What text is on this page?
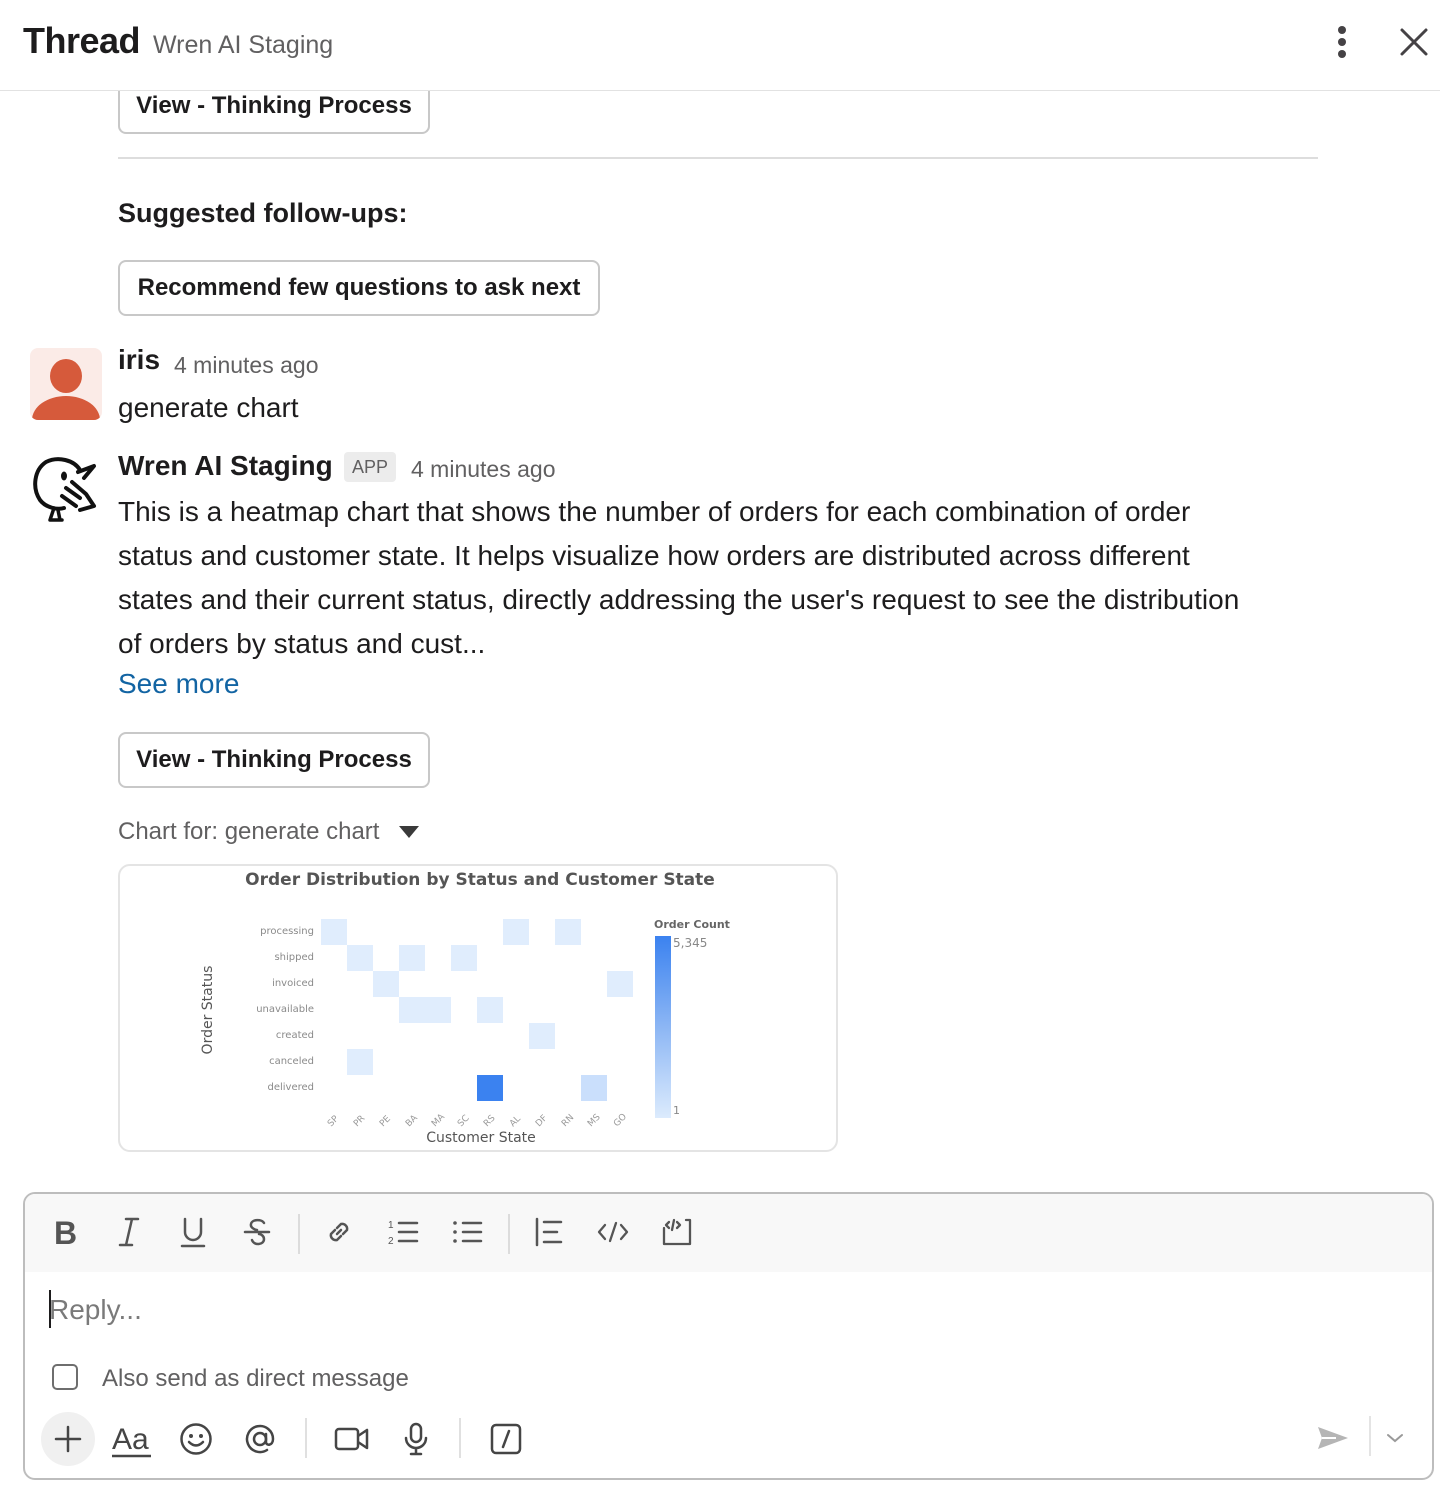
Thread Wren AI Staging
View - Thinking Process
Suggested follow-ups:
Recommend few questions to ask next
iris 4 minutes ago
generate chart
Wren AI Staging	APP 4 minutes ago
This is a heatmap chart that shows the number of orders for each combination of order
status and customer state. It helps visualize how orders are distributed across different
states and their current status, directly addressing the user's request to see the distribution
of orders by status and cust...
See more
View - Thinking Process
Chart for: generate chart
Order Distribution by Status and Customer State
Order Status
Customer State
processing
shipped
invoiced
unavailable
created
canceled
delivered
SP PR PE BA MA SC RS AL DF RN MS GO
Order Count
5,345
1
B	1
2
Reply...
Also send as direct message
Aa
